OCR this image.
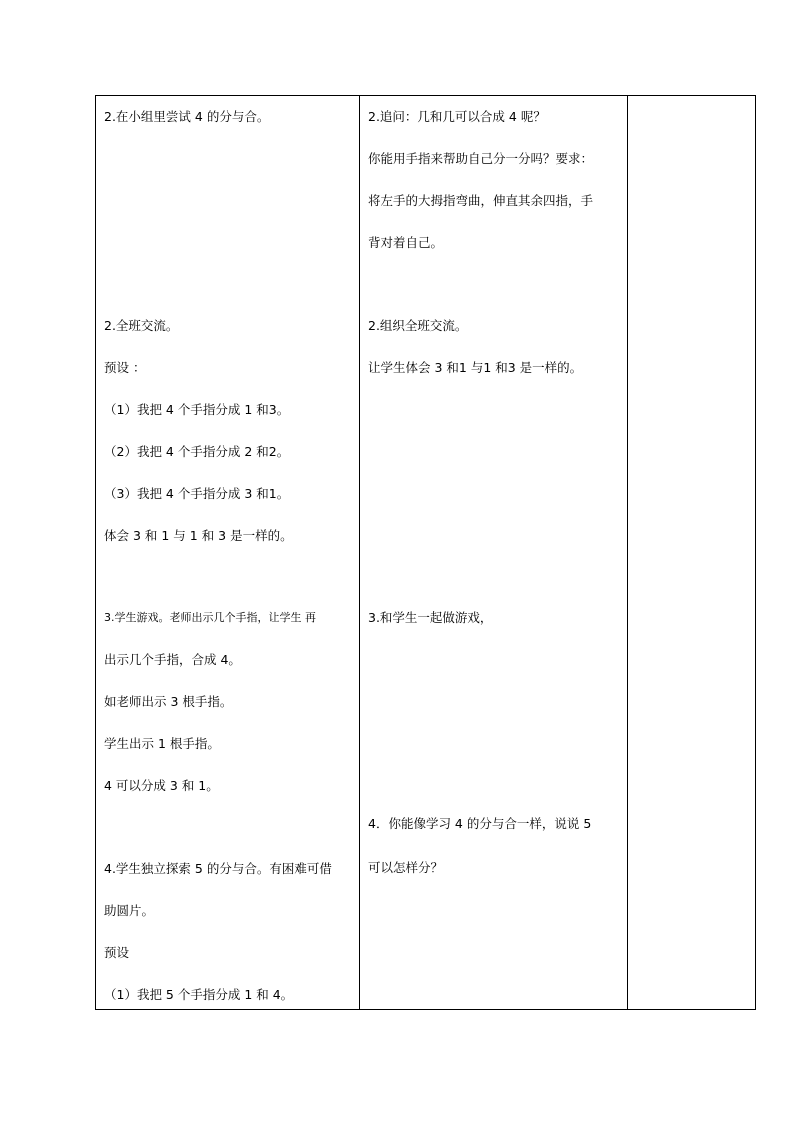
2.在小组里尝试 4 的分与合。
2.全班交流。
预设 ：
（1）我把 4 个手指分成 1 和3。
（2）我把 4 个手指分成 2 和2。
（3）我把 4 个手指分成 3 和1。
体会 3 和 1 与 1 和 3 是一样的。
3.学生游戏。老师出示几个手指，让学生 再
出示几个手指，合成 4。
如老师出示 3 根手指。
学生出示 1 根手指。
4 可以分成 3 和 1。
4.学生独立探索 5 的分与合。有困难可借
助圆片。
预设
（1）我把 5 个手指分成 1 和 4。
2.追问：几和几可以合成 4 呢？
你能用手指来帮助自己分一分吗？要求：
将左手的大拇指弯曲，伸直其余四指，手
背对着自己。
2.组织全班交流。
让学生体会 3 和1 与1 和3 是一样的。
3.和学生一起做游戏，
4．你能像学习 4 的分与合一样，说说 5
可以怎样分？
